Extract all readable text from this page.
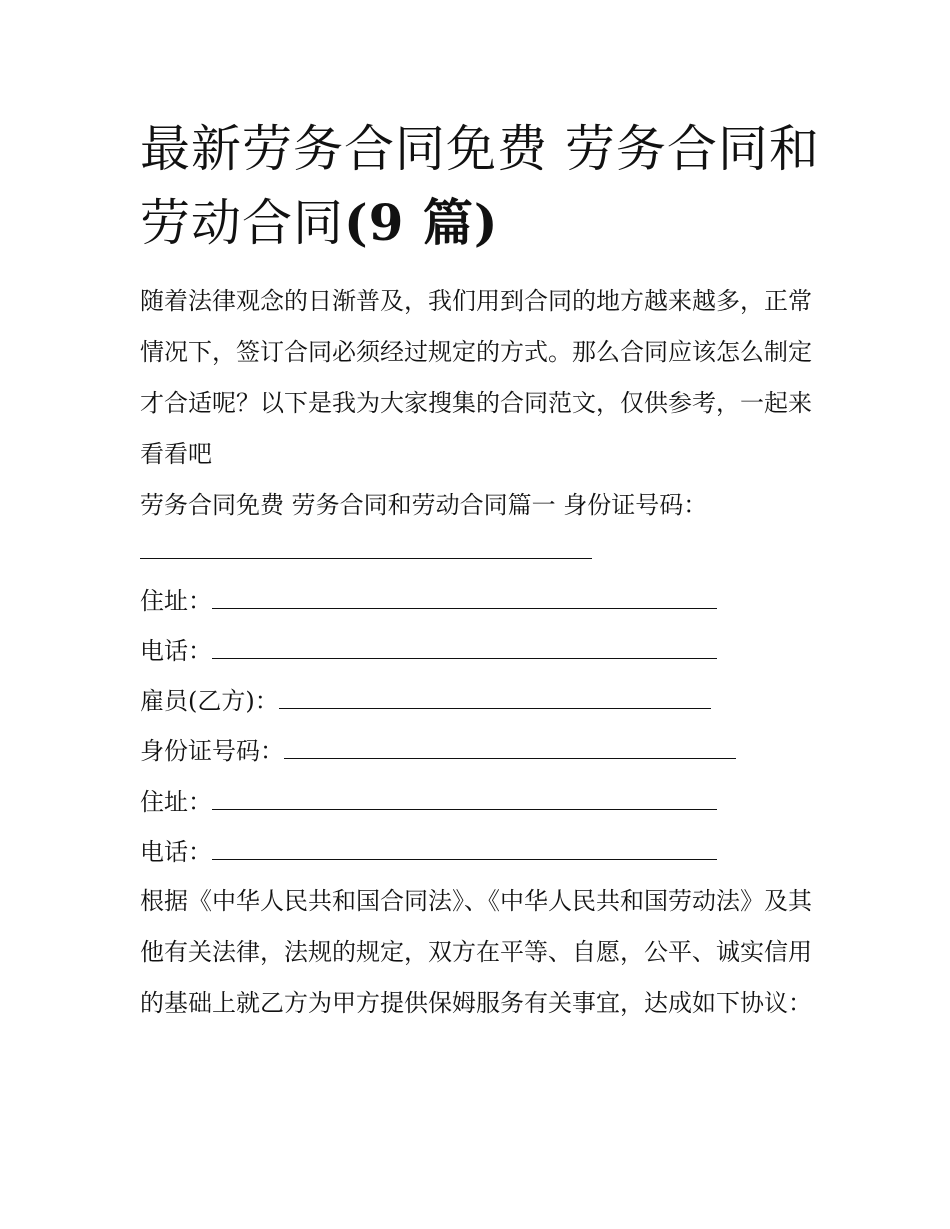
最新劳务合同免费 劳务合同和
劳动合同(9 篇)

随着法律观念的日渐普及，我们用到合同的地方越来越多，正常情况下，签订合同必须经过规定的方式。那么合同应该怎么制定才合适呢？以下是我为大家搜集的合同范文，仅供参考，一起来看看吧

劳务合同免费 劳务合同和劳动合同篇一 身份证号码：
住址：
电话：
雇员(乙方)：
身份证号码：
住址：
电话：

根据《中华人民共和国合同法》、《中华人民共和国劳动法》及其他有关法律，法规的规定，双方在平等、自愿，公平、诚实信用的基础上就乙方为甲方提供保姆服务有关事宜，达成如下协议：
